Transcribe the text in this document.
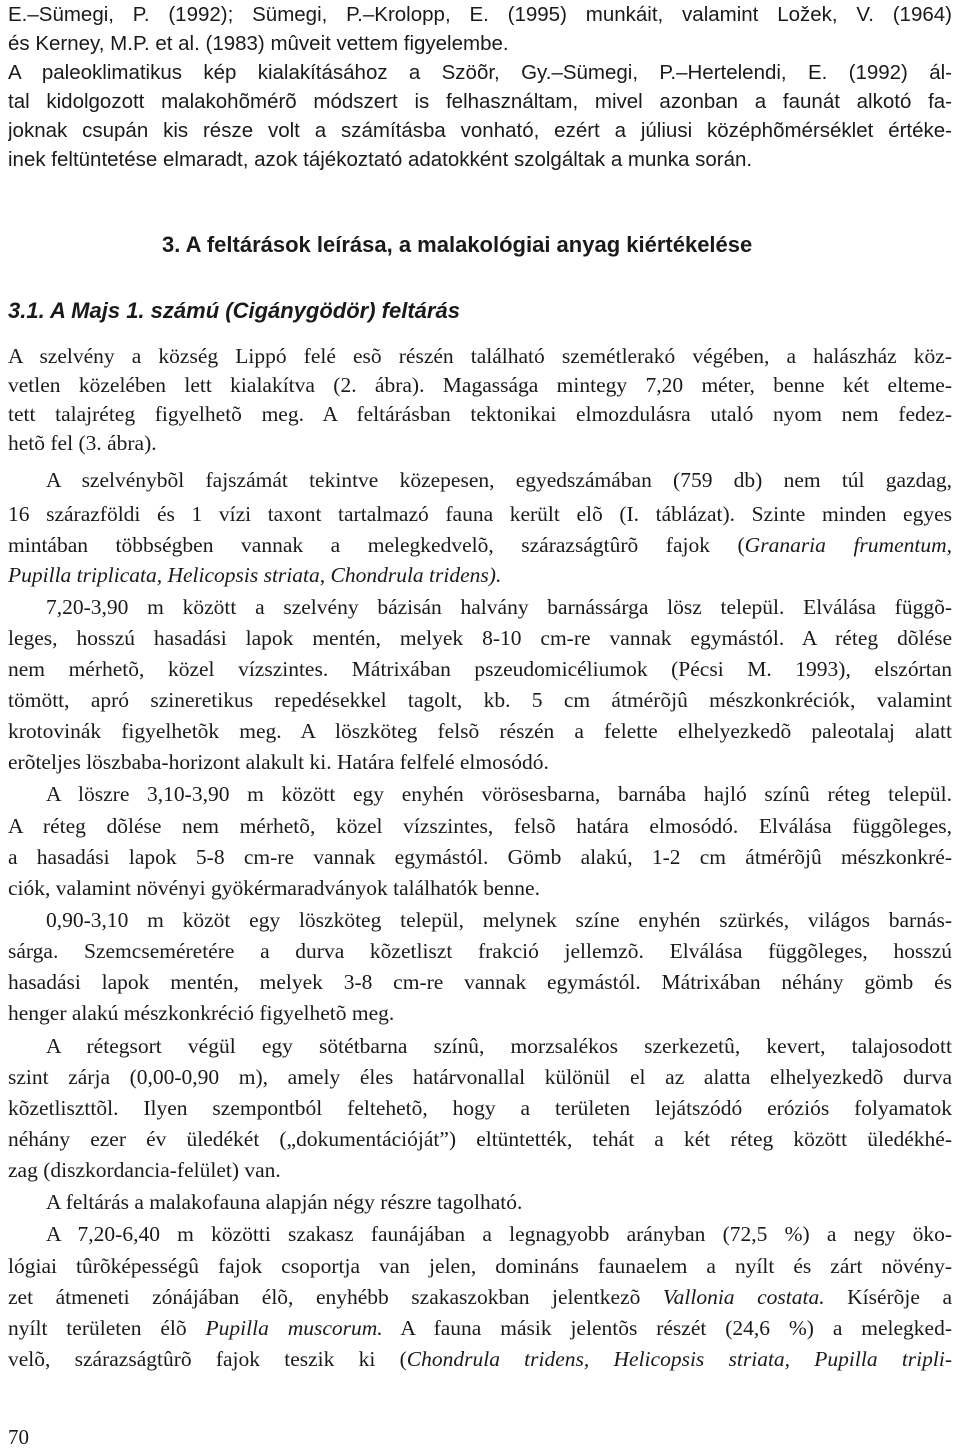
E.–Sümegi, P. (1992); Sümegi, P.–Krolopp, E. (1995) munkáit, valamint Ložek, V. (1964)
és Kerney, M.P. et al. (1983) mûveit vettem figyelembe.
A paleoklimatikus kép kialakításához a Szöõr, Gy.–Sümegi, P.–Hertelendi, E. (1992) ál-
tal kidolgozott malakohõmérõ módszert is felhasználtam, mivel azonban a faunát alkotó fa-
joknak csupán kis része volt a számításba vonható, ezért a júliusi középhõmérséklet értéke-
inek feltüntetése elmaradt, azok tájékoztató adatokként szolgáltak a munka során.
3. A feltárások leírása, a malakológiai anyag kiértékelése
3.1. A Majs 1. számú (Cigánygödör) feltárás
A szelvény a község Lippó felé esõ részén található szemétlerakó végében, a halászház köz-
vetlen közelében lett kialakítva (2. ábra). Magassága mintegy 7,20 méter, benne két elteme-
tett talajréteg figyelhetõ meg. A feltárásban tektonikai elmozdulásra utaló nyom nem fedez-
hetõ fel (3. ábra).
A szelvénybõl fajszámát tekintve közepesen, egyedszámában (759 db) nem túl gazdag,
16 szárazföldi és 1 vízi taxont tartalmazó fauna került elõ (I. táblázat). Szinte minden egyes
mintában többségben vannak a melegkedvelõ, szárazságtûrõ fajok (Granaria frumentum,
Pupilla triplicata, Helicopsis striata, Chondrula tridens).
7,20-3,90 m között a szelvény bázisán halvány barnássárga lösz települ. Elválása függõ-
leges, hosszú hasadási lapok mentén, melyek 8-10 cm-re vannak egymástól. A réteg dõlése
nem mérhetõ, közel vízszintes. Mátrixában pszeudomicéliumok (Pécsi M. 1993), elszórtan
tömött, apró szineretikus repedésekkel tagolt, kb. 5 cm átmérõjû mészkonkréciók, valamint
krotovinák figyelhetõk meg. A löszköteg felsõ részén a felette elhelyezkedõ paleotalaj alatt
erõteljes löszbaba-horizont alakult ki. Határa felfelé elmosódó.
A löszre 3,10-3,90 m között egy enyhén vörösesbarna, barnába hajló színû réteg települ.
A réteg dõlése nem mérhetõ, közel vízszintes, felsõ határa elmosódó. Elválása függõleges,
a hasadási lapok 5-8 cm-re vannak egymástól. Gömb alakú, 1-2 cm átmérõjû mészkonkré-
ciók, valamint növényi gyökérmaradványok találhatók benne.
0,90-3,10 m közöt egy löszköteg települ, melynek színe enyhén szürkés, világos barnás-
sárga. Szemcseméretére a durva kõzetliszt frakció jellemzõ. Elválása függõleges, hosszú
hasadási lapok mentén, melyek 3-8 cm-re vannak egymástól. Mátrixában néhány gömb és
henger alakú mészkonkréció figyelhetõ meg.
A rétegsort végül egy sötétbarna színû, morzsalékos szerkezetû, kevert, talajosodott
szint zárja (0,00-0,90 m), amely éles határvonallal különül el az alatta elhelyezkedõ durva
kõzetliszttõl. Ilyen szempontból feltehetõ, hogy a területen lejátszódó eróziós folyamatok
néhány ezer év üledékét („dokumentációját”) eltüntették, tehát a két réteg között üledékhé-
zag (diszkordancia-felület) van.
A feltárás a malakofauna alapján négy részre tagolható.
A 7,20-6,40 m közötti szakasz faunájában a legnagyobb arányban (72,5 %) a negy öko-
lógiai tûrõképességû fajok csoportja van jelen, domináns faunaelem a nyílt és zárt növény-
zet átmeneti zónájában élõ, enyhébb szakaszokban jelentkezõ Vallonia costata. Kísérõje a
nyílt területen élõ Pupilla muscorum. A fauna másik jelentõs részét (24,6 %) a melegked-
velõ, szárazságtûrõ fajok teszik ki (Chondrula tridens, Helicopsis striata, Pupilla tripli-
70
